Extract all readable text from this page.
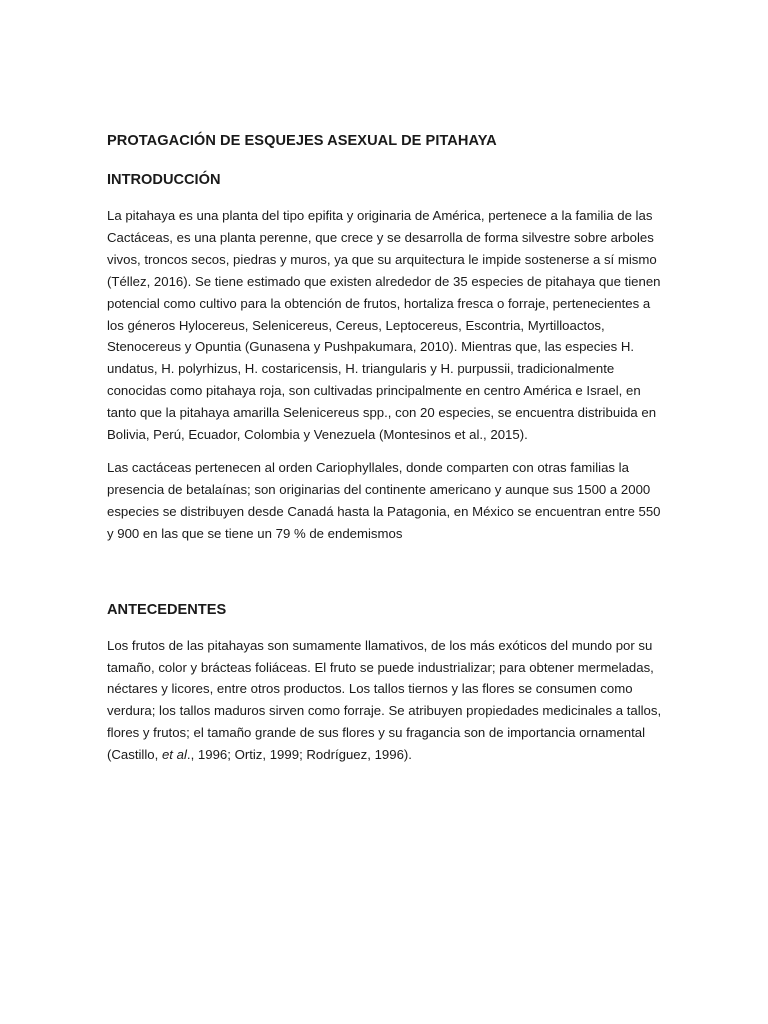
PROTAGACIÓN DE ESQUEJES ASEXUAL DE PITAHAYA
INTRODUCCIÓN

La pitahaya es una planta del tipo epifita y originaria de América, pertenece a la familia de las Cactáceas, es una planta perenne, que crece y se desarrolla de forma silvestre sobre arboles vivos, troncos secos, piedras y muros, ya que su arquitectura le impide sostenerse a sí mismo (Téllez, 2016). Se tiene estimado que existen alrededor de 35 especies de pitahaya que tienen potencial como cultivo para la obtención de frutos, hortaliza fresca o forraje, pertenecientes a los géneros Hylocereus, Selenicereus, Cereus, Leptocereus, Escontria, Myrtilloactos, Stenocereus y Opuntia (Gunasena y Pushpakumara, 2010). Mientras que, las especies H. undatus, H. polyrhizus, H. costaricensis, H. triangularis y H. purpussii, tradicionalmente conocidas como pitahaya roja, son cultivadas principalmente en centro América e Israel, en tanto que la pitahaya amarilla Selenicereus spp., con 20 especies, se encuentra distribuida en Bolivia, Perú, Ecuador, Colombia y Venezuela (Montesinos et al., 2015).

Las cactáceas pertenecen al orden Cariophyllales, donde comparten con otras familias la presencia de betalaínas; son originarias del continente americano y aunque sus 1500 a 2000 especies se distribuyen desde Canadá hasta la Patagonia, en México se encuentran entre 550 y 900 en las que se tiene un 79 % de endemismos

ANTECEDENTES

Los frutos de las pitahayas son sumamente llamativos, de los más exóticos del mundo por su tamaño, color y brácteas foliáceas. El fruto se puede industrializar; para obtener mermeladas, néctares y licores, entre otros productos. Los tallos tiernos y las flores se consumen como verdura; los tallos maduros sirven como forraje. Se atribuyen propiedades medicinales a tallos, flores y frutos; el tamaño grande de sus flores y su fragancia son de importancia ornamental (Castillo, et al., 1996; Ortiz, 1999; Rodríguez, 1996).
